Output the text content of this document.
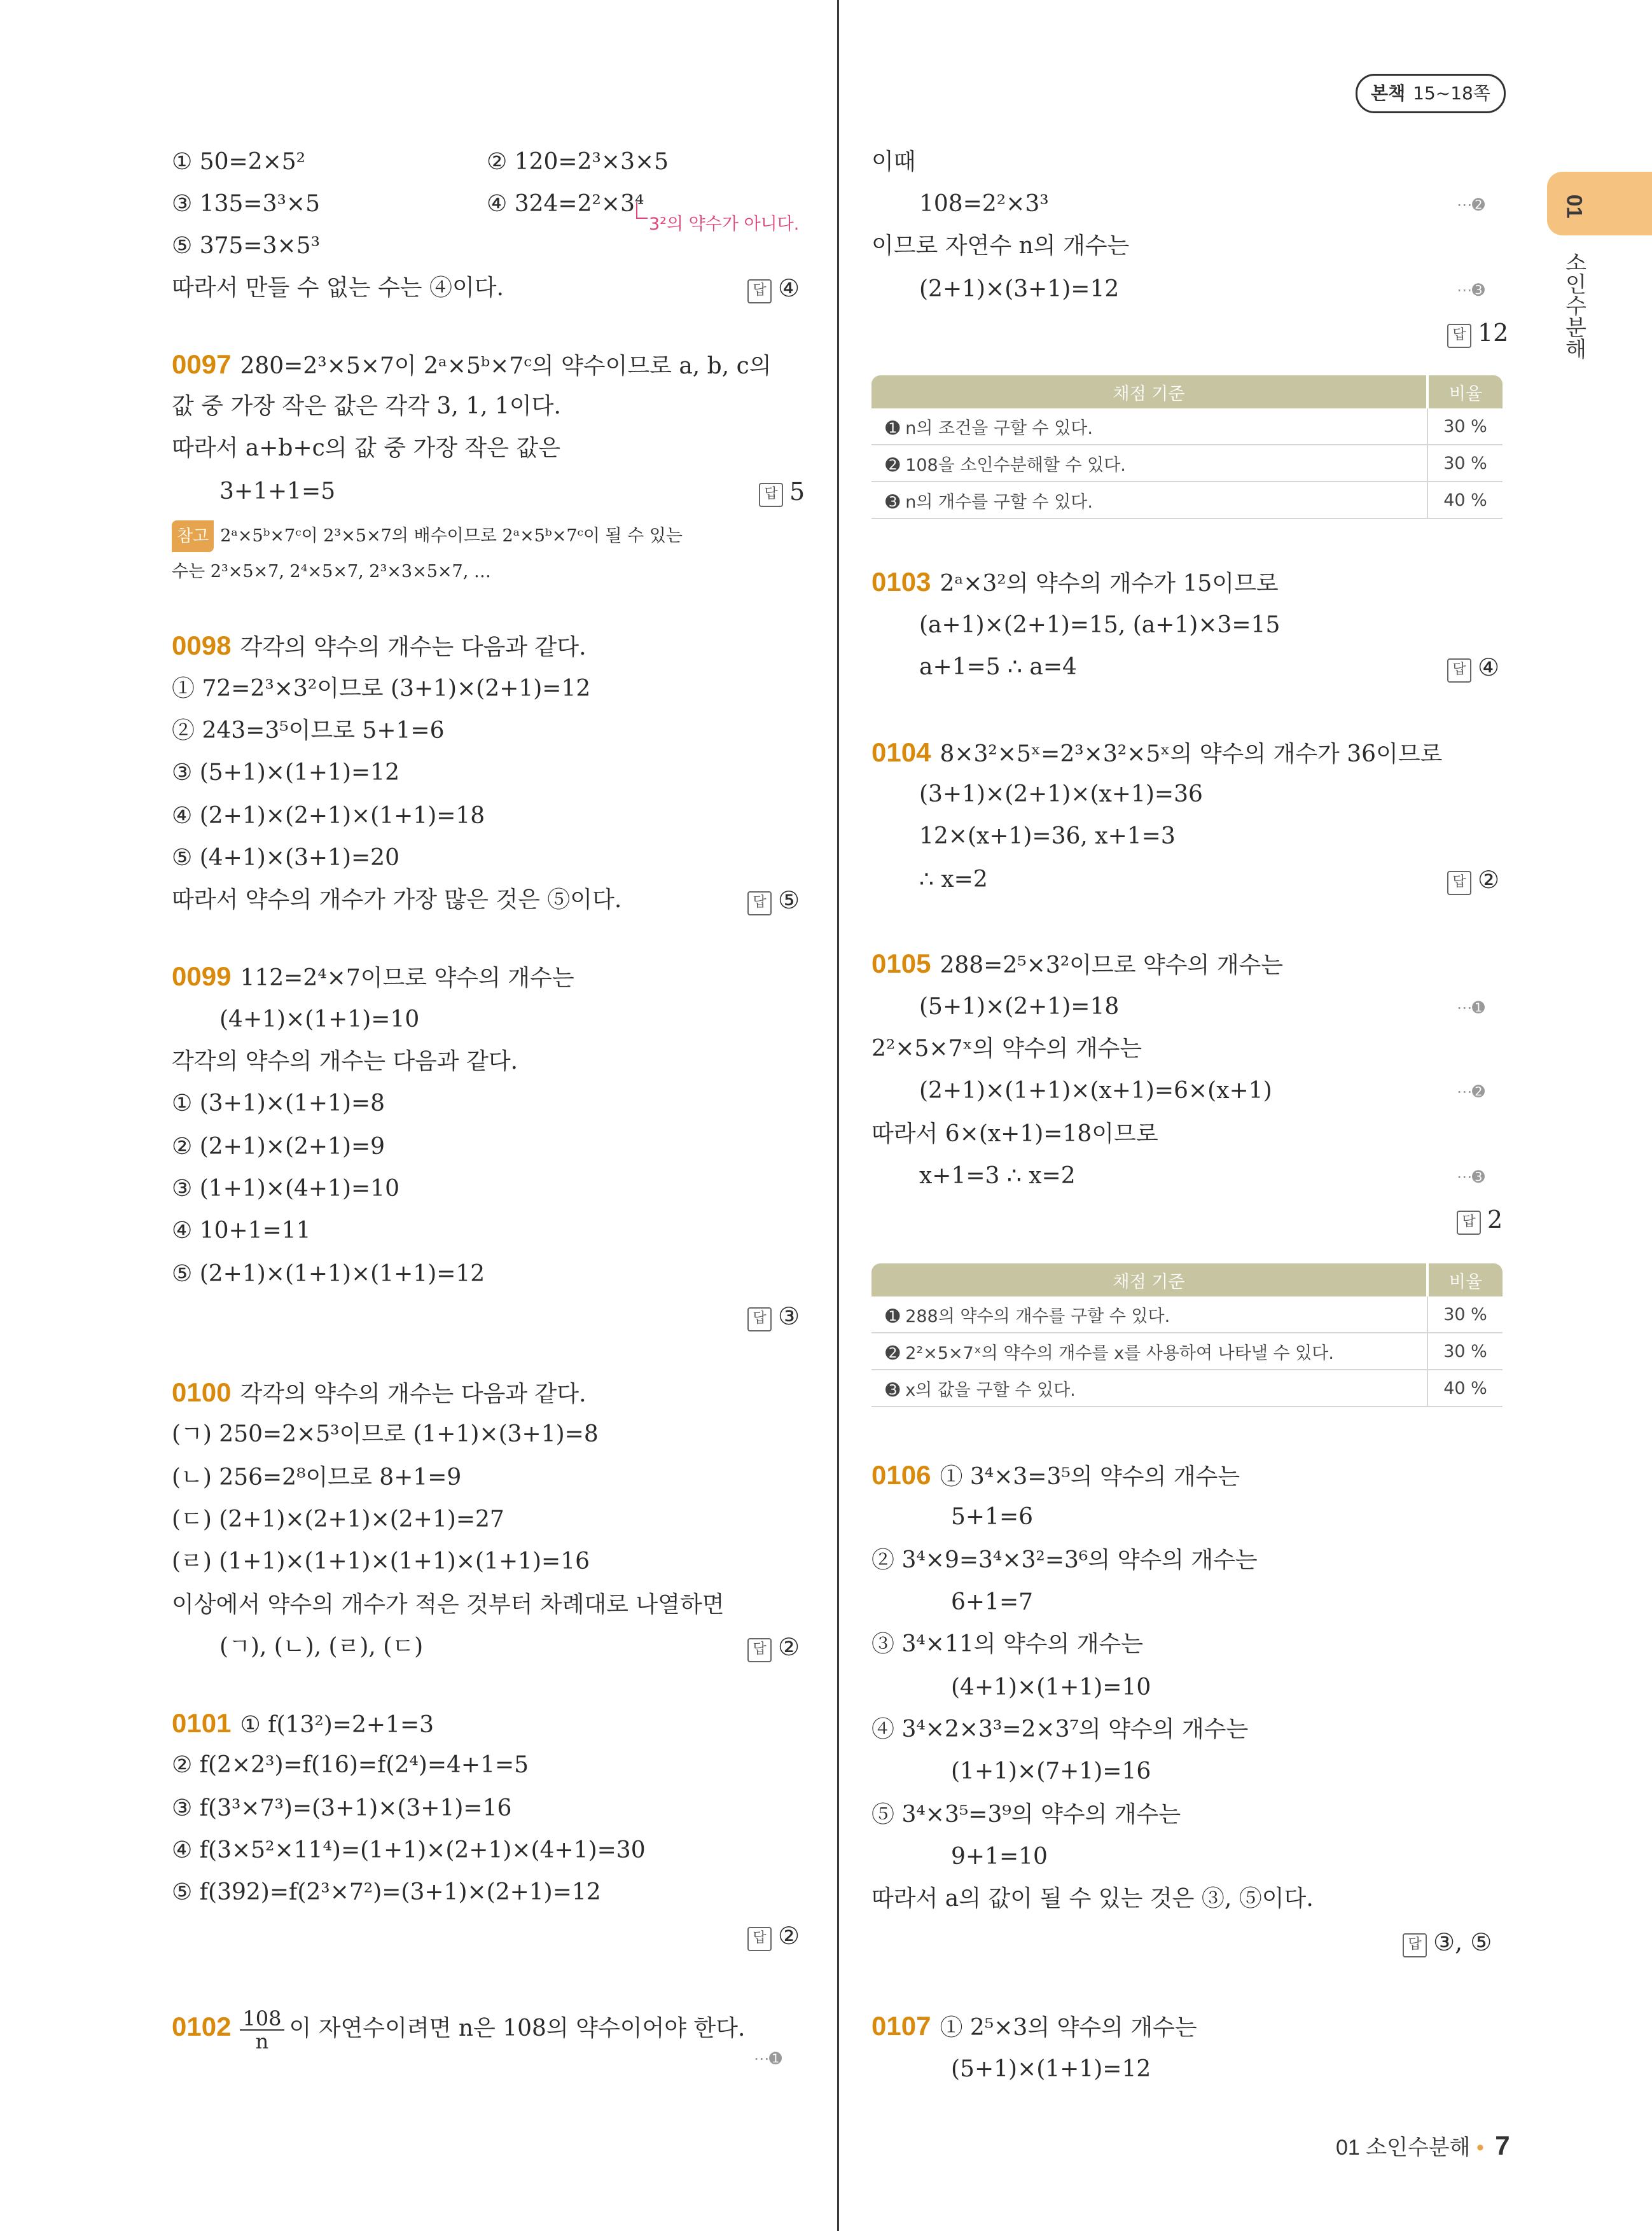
본책 15~18쪽
01
소인수분해
3²의 약수가 아니다.
$0102 \frac{108}{n}$ 이 자연수이려면 n은 108의 약수이어야 한다.
⋯➊
채점 기준	비율
➊ n의 조건을 구할 수 있다.	30 %
➋ 108을 소인수분해할 수 있다.	30 %
➌ n의 개수를 구할 수 있다.	40 %
채점 기준	비율
➊ 288의 약수의 개수를 구할 수 있다.	30 %
➋ 2²×5×7ˣ의 약수의 개수를 x를 사용하여 나타낼 수 있다.	30 %
➌ x의 값을 구할 수 있다.	40 %
01 소인수분해 • 7
① 50=2×5²	② 120=2³×3×5
③ 135=3³×5	④ 324=2²×3⁴
⑤ 375=3×5³
따라서 만들 수 없는 수는 ④이다.	답 ④
0097 280=2³×5×7이 2ᵃ×5ᵇ×7ᶜ의 약수이므로 a, b, c의
값 중 가장 작은 값은 각각 3, 1, 1이다.
따라서 a+b+c의 값 중 가장 작은 값은
3+1+1=5	답 5
참고 2ᵃ×5ᵇ×7ᶜ이 2³×5×7의 배수이므로 2ᵃ×5ᵇ×7ᶜ이 될 수 있는
수는 2³×5×7, 2⁴×5×7, 2³×3×5×7, …
0098 각각의 약수의 개수는 다음과 같다.
① 72=2³×3²이므로 (3+1)×(2+1)=12
② 243=3⁵이므로 5+1=6
③ (5+1)×(1+1)=12
④ (2+1)×(2+1)×(1+1)=18
⑤ (4+1)×(3+1)=20
따라서 약수의 개수가 가장 많은 것은 ⑤이다.	답 ⑤
0099 112=2⁴×7이므로 약수의 개수는
(4+1)×(1+1)=10
각각의 약수의 개수는 다음과 같다.
① (3+1)×(1+1)=8
② (2+1)×(2+1)=9
③ (1+1)×(4+1)=10
④ 10+1=11
⑤ (2+1)×(1+1)×(1+1)=12
답 ③
0100 각각의 약수의 개수는 다음과 같다.
(ㄱ) 250=2×5³이므로 (1+1)×(3+1)=8
(ㄴ) 256=2⁸이므로 8+1=9
(ㄷ) (2+1)×(2+1)×(2+1)=27
(ㄹ) (1+1)×(1+1)×(1+1)×(1+1)=16
이상에서 약수의 개수가 적은 것부터 차례대로 나열하면
(ㄱ), (ㄴ), (ㄹ), (ㄷ)	답 ②
0101 ① f(13²)=2+1=3
② f(2×2³)=f(16)=f(2⁴)=4+1=5
③ f(3³×7³)=(3+1)×(3+1)=16
④ f(3×5²×11⁴)=(1+1)×(2+1)×(4+1)=30
⑤ f(392)=f(2³×7²)=(3+1)×(2+1)=12
답 ②
이때
108=2²×3³	⋯➋
이므로 자연수 n의 개수는
(2+1)×(3+1)=12	⋯➌
답 12
0103 2ᵃ×3²의 약수의 개수가 15이므로
(a+1)×(2+1)=15, (a+1)×3=15
a+1=5 ∴ a=4	답 ④
0104 8×3²×5ˣ=2³×3²×5ˣ의 약수의 개수가 36이므로
(3+1)×(2+1)×(x+1)=36
12×(x+1)=36, x+1=3
∴ x=2	답 ②
0105 288=2⁵×3²이므로 약수의 개수는
(5+1)×(2+1)=18	⋯➊
2²×5×7ˣ의 약수의 개수는
(2+1)×(1+1)×(x+1)=6×(x+1)	⋯➋
따라서 6×(x+1)=18이므로
x+1=3 ∴ x=2	⋯➌
답 2
0106 ① 3⁴×3=3⁵의 약수의 개수는
5+1=6
② 3⁴×9=3⁴×3²=3⁶의 약수의 개수는
6+1=7
③ 3⁴×11의 약수의 개수는
(4+1)×(1+1)=10
④ 3⁴×2×3³=2×3⁷의 약수의 개수는
(1+1)×(7+1)=16
⑤ 3⁴×3⁵=3⁹의 약수의 개수는
9+1=10
따라서 a의 값이 될 수 있는 것은 ③, ⑤이다.
답 ③, ⑤
0107 ① 2⁵×3의 약수의 개수는
(5+1)×(1+1)=12
